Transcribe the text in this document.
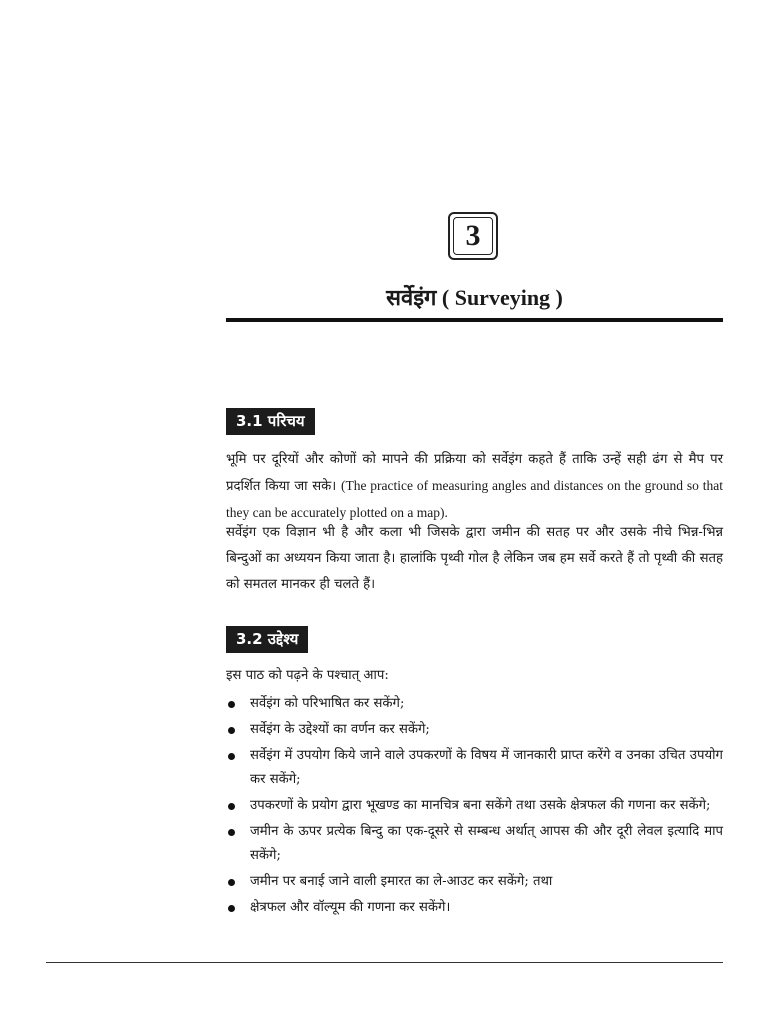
3
सर्वेइंग ( Surveying )
3.1 परिचय

भूमि पर दूरियों और कोणों को मापने की प्रक्रिया को सर्वेइंग कहते हैं ताकि उन्हें सही ढंग से मैप पर प्रदर्शित किया जा सके। (The practice of measuring angles and distances on the ground so that they can be accurately plotted on a map).

सर्वेइंग एक विज्ञान भी है और कला भी जिसके द्वारा जमीन की सतह पर और उसके नीचे भिन्न-भिन्न बिन्दुओं का अध्ययन किया जाता है। हालांकि पृथ्वी गोल है लेकिन जब हम सर्वे करते हैं तो पृथ्वी की सतह को समतल मानकर ही चलते हैं।

3.2 उद्देश्य
इस पाठ को पढ़ने के पश्चात् आप:
सर्वेइंग को परिभाषित कर सकेंगे;
सर्वेइंग के उद्देश्यों का वर्णन कर सकेंगे;
सर्वेइंग में उपयोग किये जाने वाले उपकरणों के विषय में जानकारी प्राप्त करेंगे व उनका उचित उपयोग कर सकेंगे;
उपकरणों के प्रयोग द्वारा भूखण्ड का मानचित्र बना सकेंगे तथा उसके क्षेत्रफल की गणना कर सकेंगे;
जमीन के ऊपर प्रत्येक बिन्दु का एक-दूसरे से सम्बन्ध अर्थात् आपस की और दूरी लेवल इत्यादि माप सकेंगे;
जमीन पर बनाई जाने वाली इमारत का ले-आउट कर सकेंगे; तथा
क्षेत्रफल और वॉल्यूम की गणना कर सकेंगे।
